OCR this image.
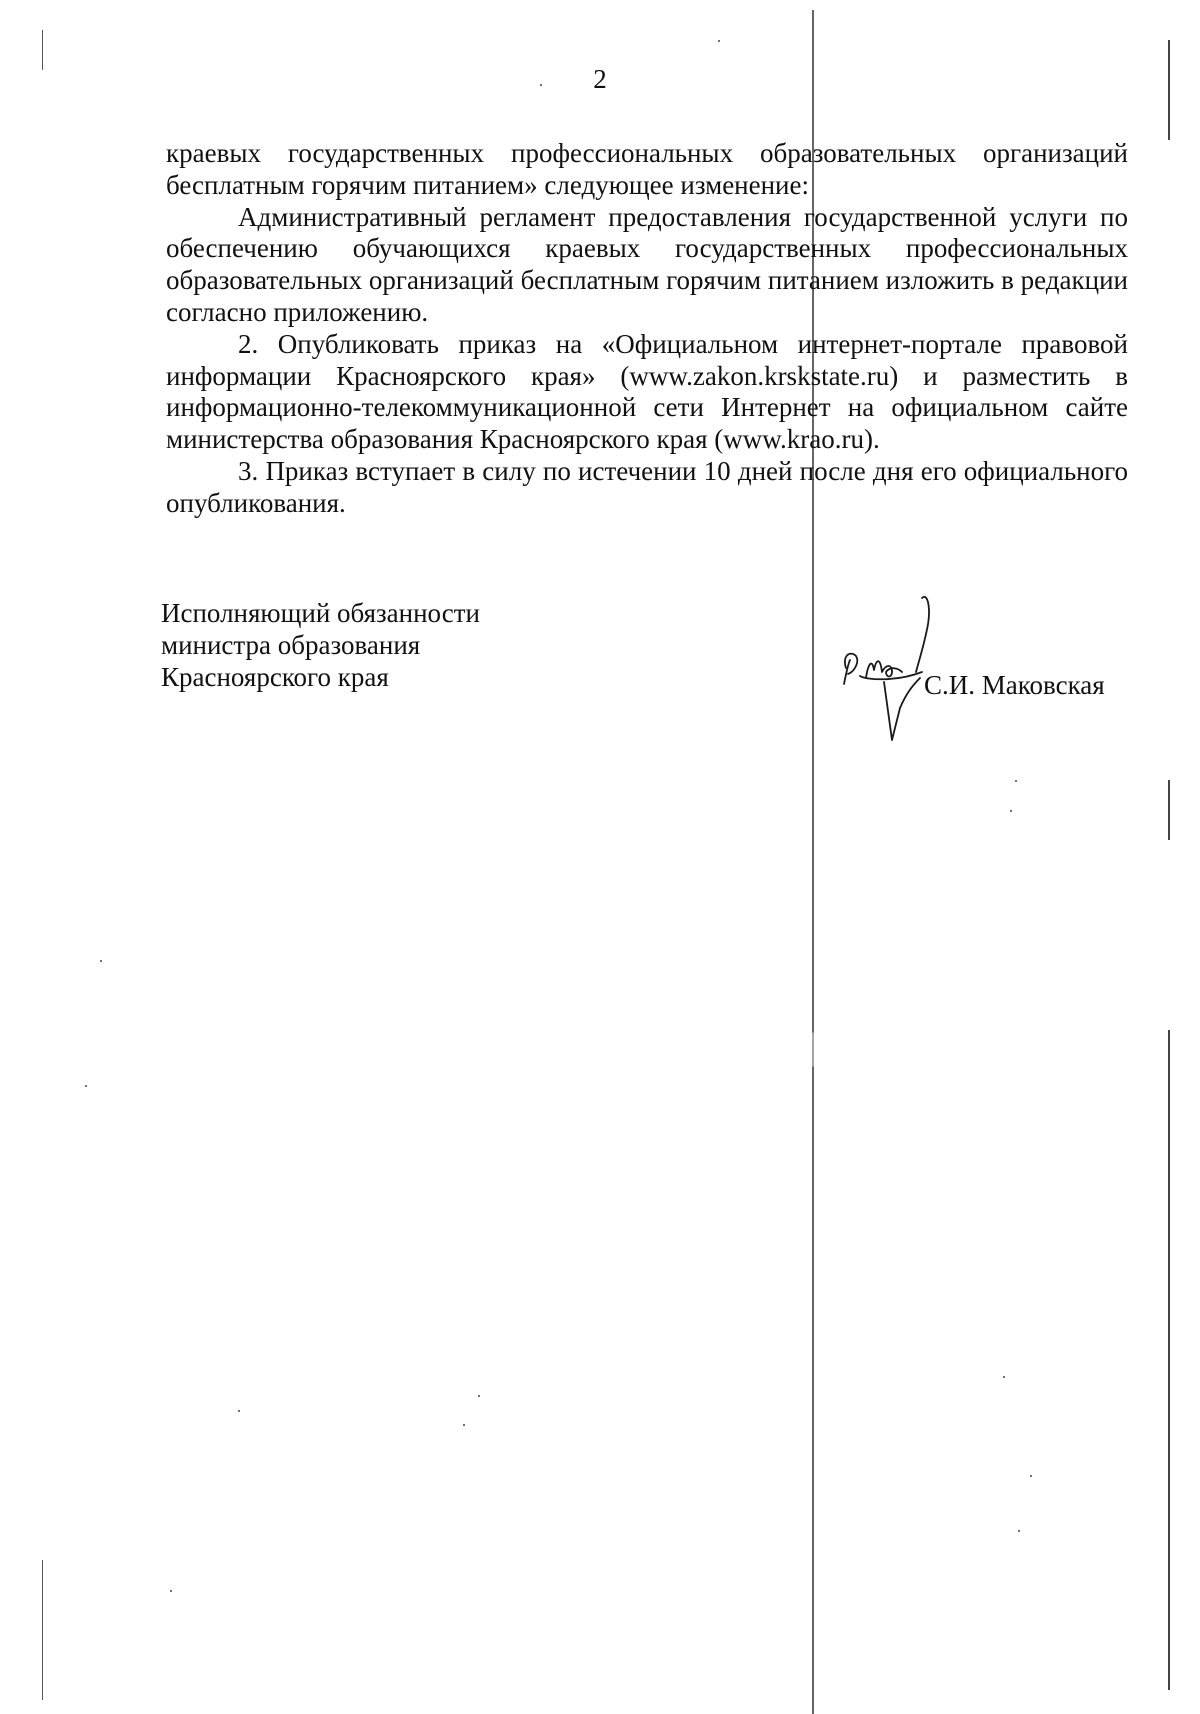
2

краевых государственных профессиональных образовательных организаций бесплатным горячим питанием» следующее изменение:

Административный регламент предоставления государственной услуги по обеспечению обучающихся краевых государственных профессиональных образовательных организаций бесплатным горячим питанием изложить в редакции согласно приложению.

2. Опубликовать приказ на «Официальном интернет-портале правовой информации Красноярского края» (www.zakon.krskstate.ru) и разместить в информационно-телекоммуникационной сети Интернет на официальном сайте министерства образования Красноярского края (www.krao.ru).

3. Приказ вступает в силу по истечении 10 дней после дня его официального опубликования.

Исполняющий обязанности
министра образования
Красноярского края	С.И. Маковская
